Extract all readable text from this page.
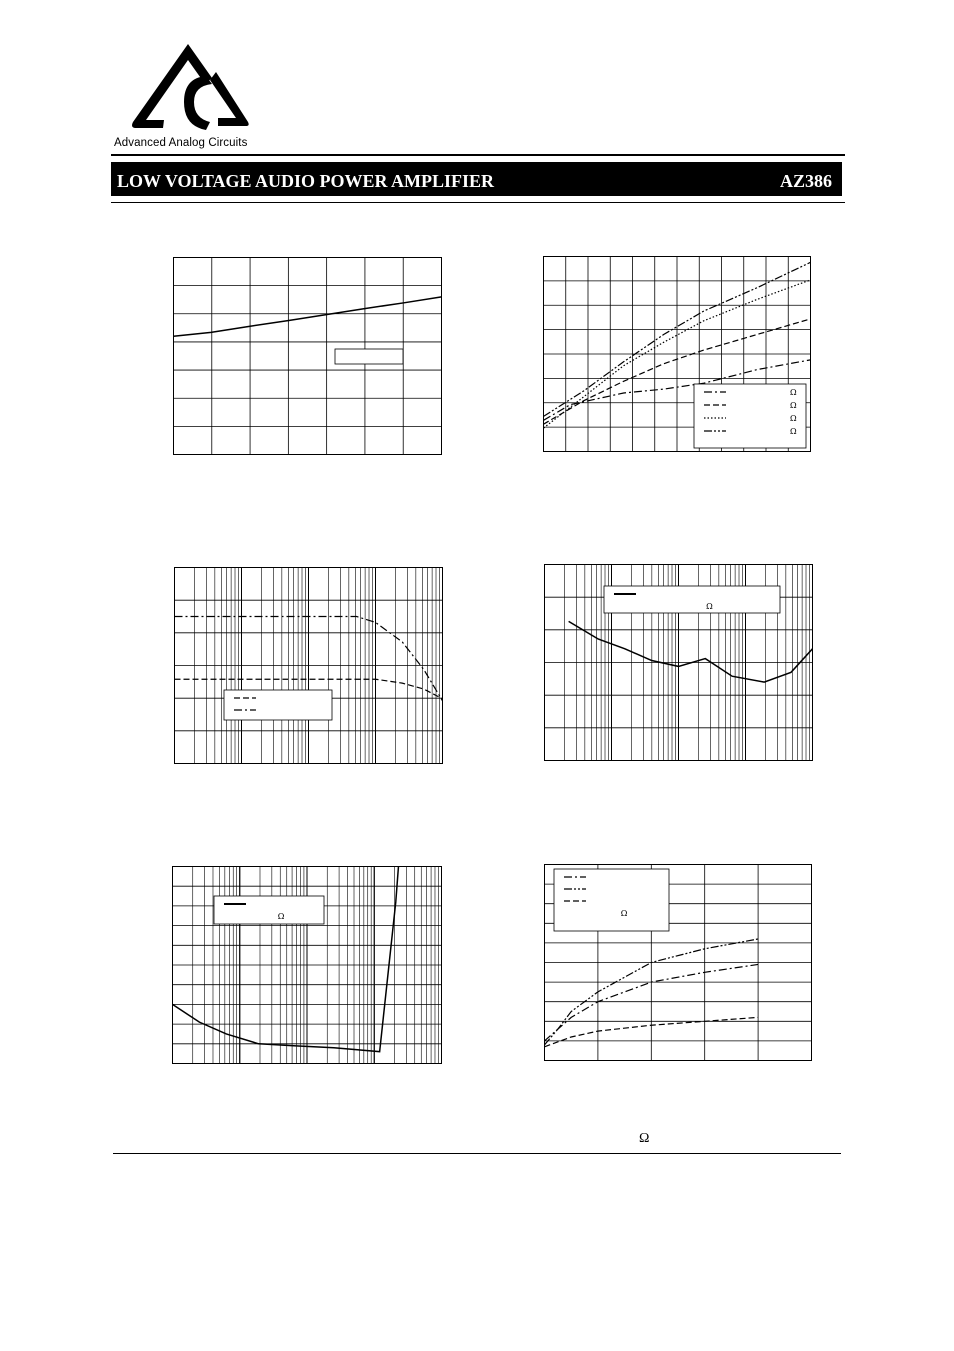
Advanced Analog Circuits
LOW VOLTAGE AUDIO POWER AMPLIFIER	AZ386
Ω
Ω
Ω
Ω
Ω
Ω	Ω
Ω
